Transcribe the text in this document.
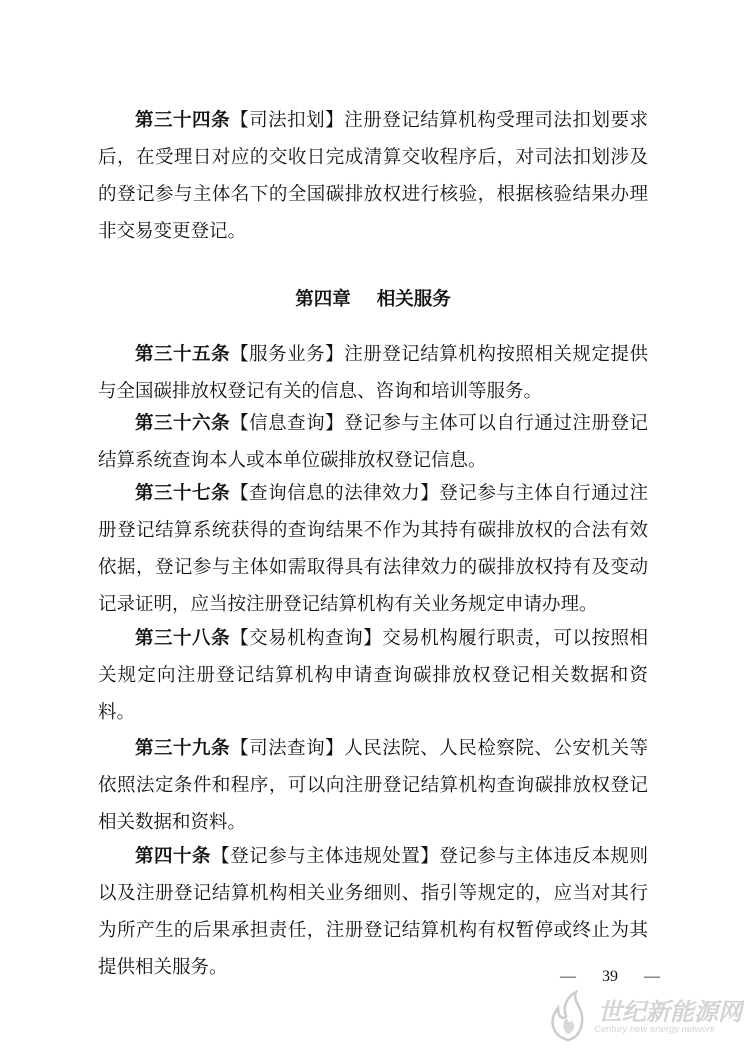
第三十四条【司法扣划】注册登记结算机构受理司法扣划要求后，在受理日对应的交收日完成清算交收程序后，对司法扣划涉及的登记参与主体名下的全国碳排放权进行核验，根据核验结果办理非交易变更登记。

第四章 相关服务

第三十五条【服务业务】注册登记结算机构按照相关规定提供与全国碳排放权登记有关的信息、咨询和培训等服务。

第三十六条【信息查询】登记参与主体可以自行通过注册登记结算系统查询本人或本单位碳排放权登记信息。

第三十七条【查询信息的法律效力】登记参与主体自行通过注册登记结算系统获得的查询结果不作为其持有碳排放权的合法有效依据，登记参与主体如需取得具有法律效力的碳排放权持有及变动记录证明，应当按注册登记结算机构有关业务规定申请办理。

第三十八条【交易机构查询】交易机构履行职责，可以按照相关规定向注册登记结算机构申请查询碳排放权登记相关数据和资料。

第三十九条【司法查询】人民法院、人民检察院、公安机关等依照法定条件和程序，可以向注册登记结算机构查询碳排放权登记相关数据和资料。

第四十条【登记参与主体违规处置】登记参与主体违反本规则以及注册登记结算机构相关业务细则、指引等规定的，应当对其行为所产生的后果承担责任，注册登记结算机构有权暂停或终止为其提供相关服务。	— 39 —
世纪新能源网
Century new energy network
